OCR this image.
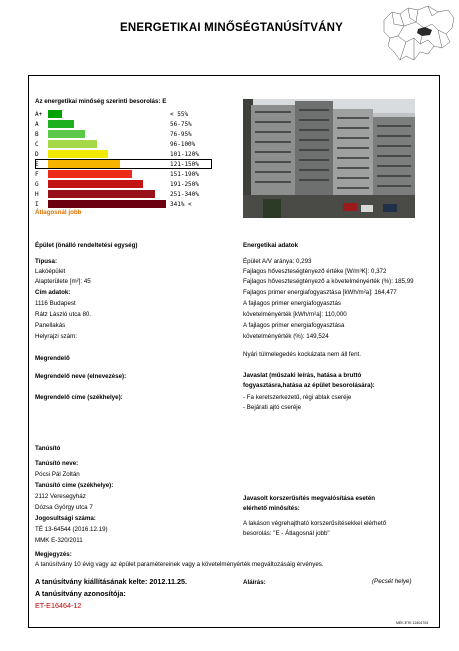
ENERGETIKAI MINŐSÉGTANÚSÍTVÁNY
Az energetikai minőség szerinti besorolás: E
A+	< 55%
A	56-75%
B	76-95%
C	96-100%
D	101-120%
E	121-150%
F	151-190%
G	191-250%
H	251-340%
I	341% <
Átlagosnál jobb
Épület (önálló rendeltetési egység)
Típusa:
Lakóépület
Alapterülete [m²]: 45
Cím adatok:
1116 Budapest
Rátz László utca 80.
Panellakás
Helyrajzi szám:
Energetikai adatok
Épület A/V aránya: 0,293
Fajlagos hőveszteségtényező értéke [W/m³K]: 0,372
Fajlagos hőveszteségtényező a követelményérték (%): 185,99
Fajlagos primer energiafogyasztása [kWh/m²a]: 164,477
A fajlagos primer energiafogyasztás
követelményérték [kWh/m²a]: 110,000
A fajlagos primer energiafogyasztása
követelményérték (%): 149,524
Nyári túlmelegedés kockázata nem áll fent.
Megrendelő
Megrendelő neve (elnevezése):
Megrendelő címe (székhelye):
Javaslat (műszaki leírás, hatása a bruttó
fogyasztásra,hatása az épület besorolására):
- Fa keretszerkezetű, régi ablak cseréje
- Bejárati ajtó cseréje
Tanúsító
Tanúsító neve:
Pócsi Pál Zoltán
Tanúsító címe (székhelye):
2112 Veresegyház
Dózsa György utca 7
Jogosultsági száma:
TÉ 13-64544 (2016.12.19)
MMK E-320/2011
Javasolt korszerűsítés megvalósítása esetén
elérhető minősítés:
A lakáson végrehajtható korszerűsítésekkel elérhető
besorolás: "E - Átlagosnál jobb"
Megjegyzés:
A tanúsítvány 10 évig vagy az épület paramétereinek vagy a követelményérték megváltozásáig érvényes.
A tanúsítvány kiállításának kelte: 2012.11.25.	Aláírás:	(Pecsét helye)
A tanúsítvány azonosítója:
ET-E16464-12
MÉK-ETK 12404703
